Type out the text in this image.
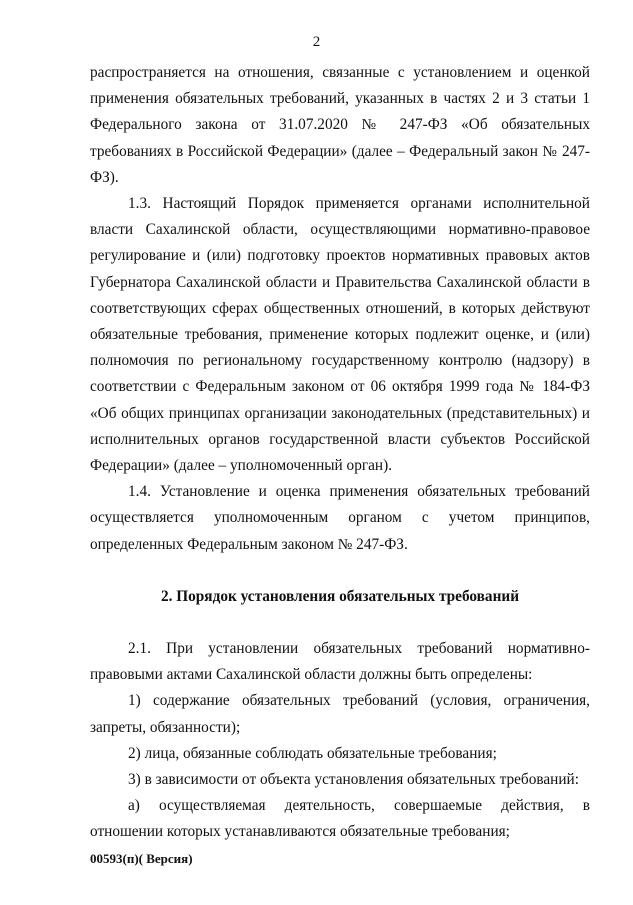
2

распространяется на отношения, связанные с установлением и оценкой применения обязательных требований, указанных в частях 2 и 3 статьи 1 Федерального закона от 31.07.2020 № 247-ФЗ «Об обязательных требованиях в Российской Федерации» (далее – Федеральный закон № 247-ФЗ).

1.3. Настоящий Порядок применяется органами исполнительной власти Сахалинской области, осуществляющими нормативно-правовое регулирование и (или) подготовку проектов нормативных правовых актов Губернатора Сахалинской области и Правительства Сахалинской области в соответствующих сферах общественных отношений, в которых действуют обязательные требования, применение которых подлежит оценке, и (или) полномочия по региональному государственному контролю (надзору) в соответствии с Федеральным законом от 06 октября 1999 года № 184-ФЗ «Об общих принципах организации законодательных (представительных) и исполнительных органов государственной власти субъектов Российской Федерации» (далее – уполномоченный орган).

1.4. Установление и оценка применения обязательных требований осуществляется уполномоченным органом с учетом принципов, определенных Федеральным законом № 247-ФЗ.

2. Порядок установления обязательных требований

2.1. При установлении обязательных требований нормативно-правовыми актами Сахалинской области должны быть определены:

1) содержание обязательных требований (условия, ограничения, запреты, обязанности);

2) лица, обязанные соблюдать обязательные требования;

3) в зависимости от объекта установления обязательных требований:

а) осуществляемая деятельность, совершаемые действия, в отношении которых устанавливаются обязательные требования;

00593(п)( Версия)
